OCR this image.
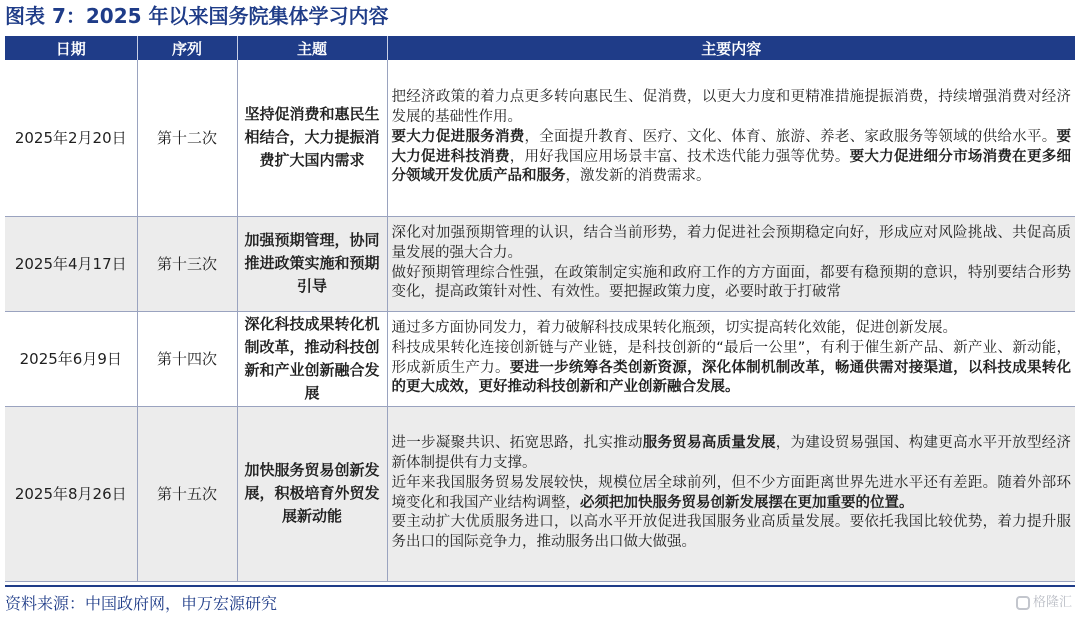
图表 7：2025 年以来国务院集体学习内容
日期	序列	主题	主要内容
2025年2月20日	第十二次	坚持促消费和惠民生相结合，大力提振消费扩大国内需求	把经济政策的着力点更多转向惠民生、促消费，以更大力度和更精准措施提振消费，持续增强消费对经济发展的基础性作用。
要大力促进服务消费，全面提升教育、医疗、文化、体育、旅游、养老、家政服务等领域的供给水平。要大力促进科技消费，用好我国应用场景丰富、技术迭代能力强等优势。要大力促进细分市场消费在更多细分领域开发优质产品和服务，激发新的消费需求。

2025年4月17日	第十三次	加强预期管理，协同推进政策实施和预期引导	深化对加强预期管理的认识，结合当前形势，着力促进社会预期稳定向好，形成应对风险挑战、共促高质量发展的强大合力。
做好预期管理综合性强，在政策制定实施和政府工作的方方面面，都要有稳预期的意识，特别要结合形势变化，提高政策针对性、有效性。要把握政策力度，必要时敢于打破常

2025年6月9日	第十四次	深化科技成果转化机制改革，推动科技创新和产业创新融合发展	通过多方面协同发力，着力破解科技成果转化瓶颈，切实提高转化效能，促进创新发展。
科技成果转化连接创新链与产业链，是科技创新的“最后一公里”，有利于催生新产品、新产业、新动能，形成新质生产力。要进一步统筹各类创新资源，深化体制机制改革，畅通供需对接渠道，以科技成果转化的更大成效，更好推动科技创新和产业创新融合发展。

2025年8月26日	第十五次	加快服务贸易创新发展，积极培育外贸发展新动能	进一步凝聚共识、拓宽思路，扎实推动服务贸易高质量发展，为建设贸易强国、构建更高水平开放型经济新体制提供有力支撑。
近年来我国服务贸易发展较快，规模位居全球前列，但不少方面距离世界先进水平还有差距。随着外部环境变化和我国产业结构调整，必须把加快服务贸易创新发展摆在更加重要的位置。
要主动扩大优质服务进口，以高水平开放促进我国服务业高质量发展。要依托我国比较优势，着力提升服务出口的国际竞争力，推动服务出口做大做强。
资料来源：中国政府网，申万宏源研究	格隆汇
